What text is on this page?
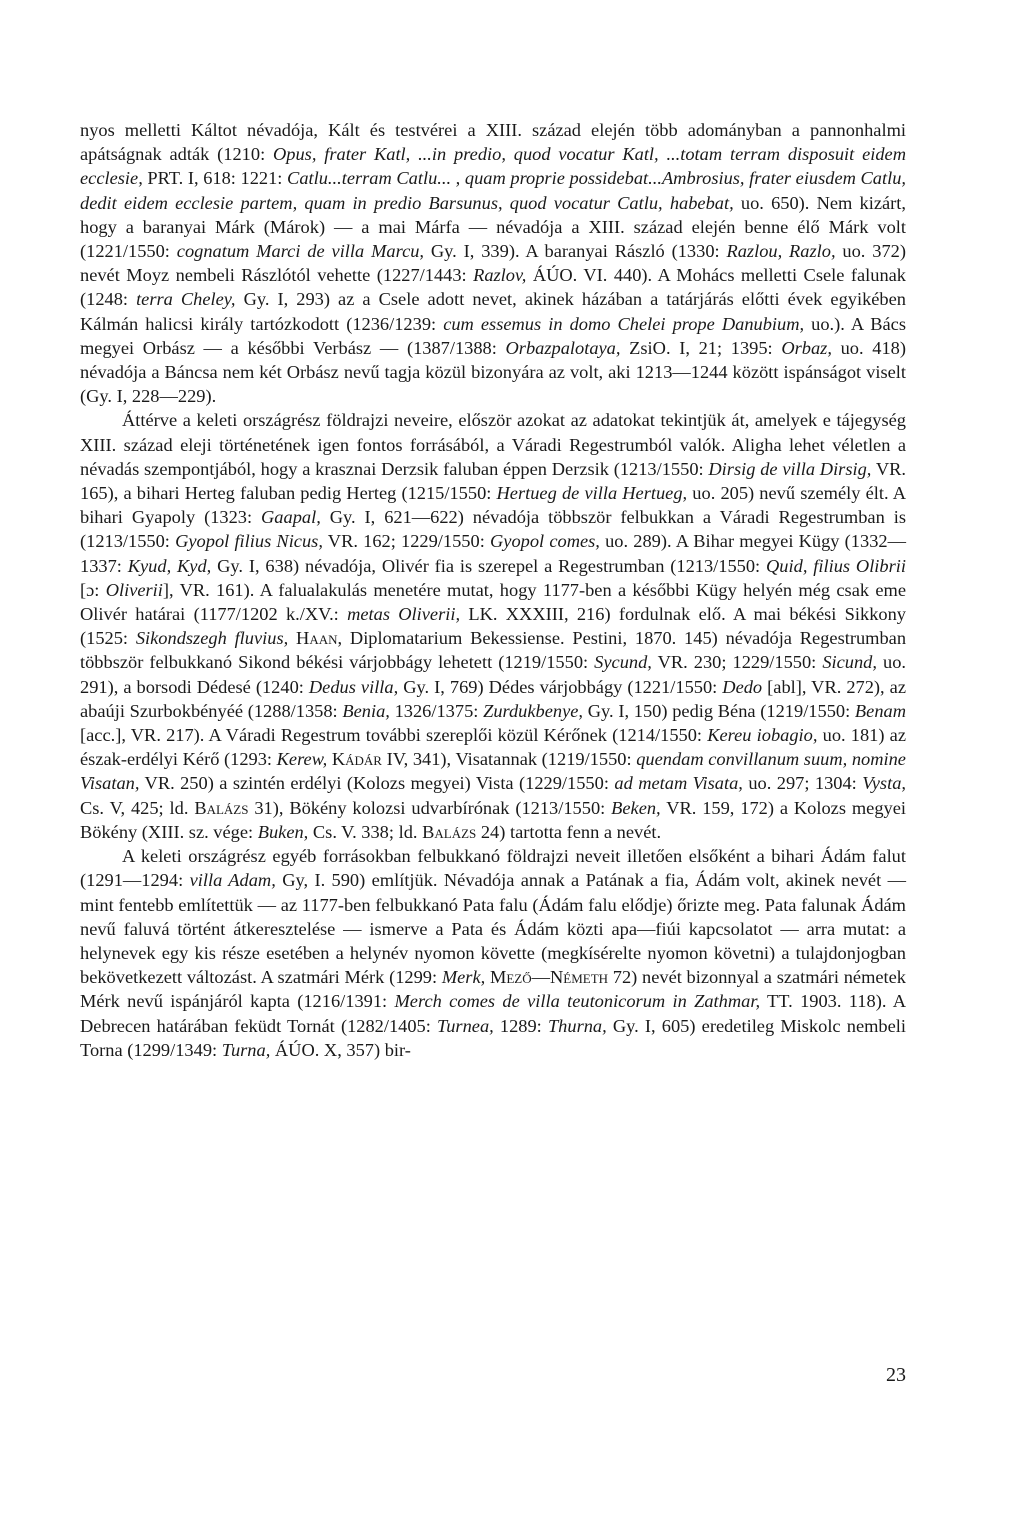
nyos melletti Káltot névadója, Kált és testvérei a XIII. század elején több adományban a pannonhalmi apátságnak adták (1210: Opus, frater Katl, ...in predio, quod vocatur Katl, ...totam terram disposuit eidem ecclesie, PRT. I, 618: 1221: Catlu...terram Catlu... , quam proprie possidebat...Ambrosius, frater eiusdem Catlu, dedit eidem ecclesie partem, quam in predio Barsunus, quod vocatur Catlu, habebat, uo. 650). Nem kizárt, hogy a baranyai Márk (Márok) — a mai Márfa — névadója a XIII. század elején benne élő Márk volt (1221/1550: cognatum Marci de villa Marcu, Gy. I, 339). A baranyai Rászló (1330: Razlou, Razlo, uo. 372) nevét Moyz nembeli Rászlótól vehette (1227/1443: Razlov, ÁÚO. VI. 440). A Mohács melletti Csele falunak (1248: terra Cheley, Gy. I, 293) az a Csele adott nevet, akinek házában a tatárjárás előtti évek egyikében Kálmán halicsi király tartózkodott (1236/1239: cum essemus in domo Chelei prope Danubium, uo.). A Bács megyei Orbász — a későbbi Verbász — (1387/1388: Orbazpalotaya, ZsiO. I, 21; 1395: Orbaz, uo. 418) névadója a Báncsa nem két Orbász nevű tagja közül bizonyára az volt, aki 1213—1244 között ispánságot viselt (Gy. I, 228—229).

Áttérve a keleti országrész földrajzi neveire, először azokat az adatokat tekintjük át, amelyek e tájegység XIII. század eleji történetének igen fontos forrásából, a Váradi Regestrumból valók. Aligha lehet véletlen a névadás szempontjából, hogy a krasznai Derzsik faluban éppen Derzsik (1213/1550: Dirsig de villa Dirsig, VR. 165), a bihari Herteg faluban pedig Herteg (1215/1550: Hertueg de villa Hertueg, uo. 205) nevű személy élt. A bihari Gyapoly (1323: Gaapal, Gy. I, 621—622) névadója többször felbukkan a Váradi Regestrumban is (1213/1550: Gyopol filius Nicus, VR. 162; 1229/1550: Gyopol comes, uo. 289). A Bihar megyei Kügy (1332—1337: Kyud, Kyd, Gy. I, 638) névadója, Olivér fia is szerepel a Regestrumban (1213/1550: Quid, filius Olibrii [ɔ: Oliverii], VR. 161). A falualakulás menetére mutat, hogy 1177-ben a későbbi Kügy helyén még csak eme Olivér határai (1177/1202 k./XV.: metas Oliverii, LK. XXXIII, 216) fordulnak elő. A mai békési Sikkony (1525: Sikondszegh fluvius, Haan, Diplomatarium Bekessiense. Pestini, 1870. 145) névadója Regestrumban többször felbukkanó Sikond békési várjobbágy lehetett (1219/1550: Sycund, VR. 230; 1229/1550: Sicund, uo. 291), a borsodi Dédesé (1240: Dedus villa, Gy. I, 769) Dédes várjobbágy (1221/1550: Dedo [abl], VR. 272), az abaúji Szurbokbényéé (1288/1358: Benia, 1326/1375: Zurdukbenye, Gy. I, 150) pedig Béna (1219/1550: Benam [acc.], VR. 217). A Váradi Regestrum további szereplői közül Kérőnek (1214/1550: Kereu iobagio, uo. 181) az észak-erdélyi Kérő (1293: Kerew, Kádár IV, 341), Visatannak (1219/1550: quendam convillanum suum, nomine Visatan, VR. 250) a szintén erdélyi (Kolozs megyei) Vista (1229/1550: ad metam Visata, uo. 297; 1304: Vysta, Cs. V, 425; ld. Balázs 31), Bökény kolozsi udvarbírónak (1213/1550: Beken, VR. 159, 172) a Kolozs megyei Bökény (XIII. sz. vége: Buken, Cs. V. 338; ld. Balázs 24) tartotta fenn a nevét.

A keleti országrész egyéb forrásokban felbukkanó földrajzi neveit illetően elsőként a bihari Ádám falut (1291—1294: villa Adam, Gy, I. 590) említjük. Névadója annak a Patának a fia, Ádám volt, akinek nevét — mint fentebb említettük — az 1177-ben felbukkanó Pata falu (Ádám falu elődje) őrizte meg. Pata falunak Ádám nevű faluvá történt átkeresztelése — ismerve a Pata és Ádám közti apa—fiúi kapcsolatot — arra mutat: a helynevek egy kis része esetében a helynév nyomon követte (megkísérelte nyomon követni) a tulajdonjogban bekövetkezett változást. A szatmári Mérk (1299: Merk, Mező—Németh 72) nevét bizonnyal a szatmári németek Mérk nevű ispánjáról kapta (1216/1391: Merch comes de villa teutonicorum in Zathmar, TT. 1903. 118). A Debrecen határában feküdt Tornát (1282/1405: Turnea, 1289: Thurna, Gy. I, 605) eredetileg Miskolc nembeli Torna (1299/1349: Turna, ÁÚO. X, 357) bir-

23
